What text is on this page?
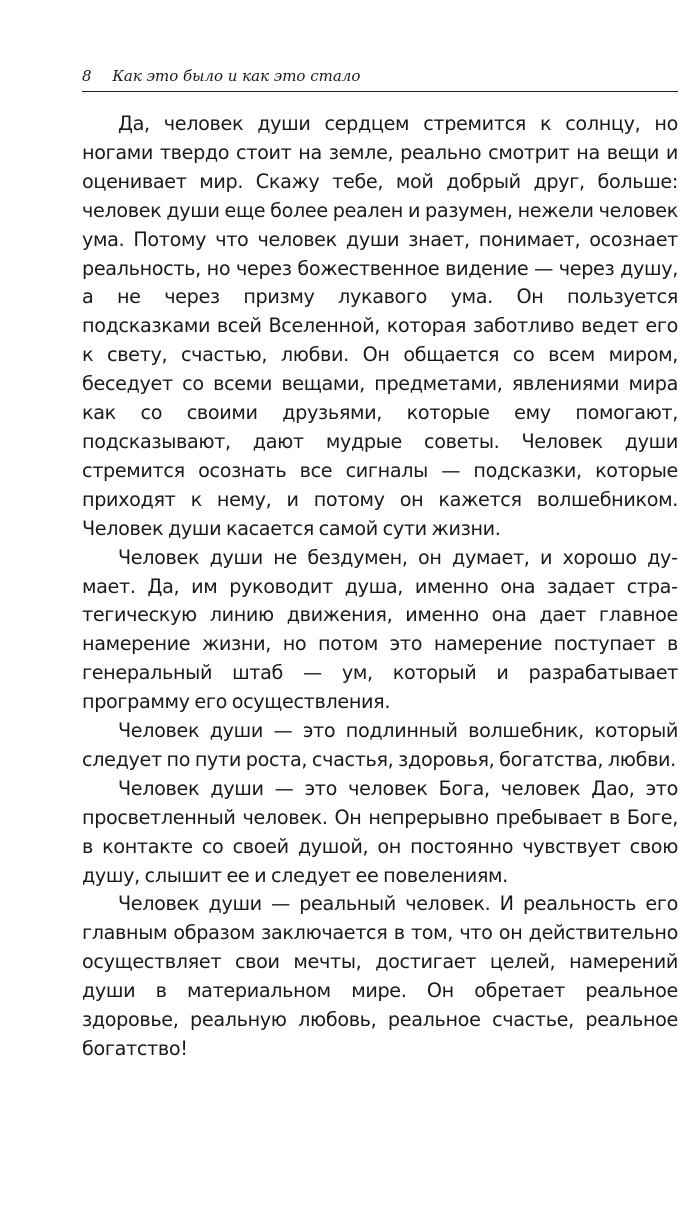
8 Как это было и как это стало

Да, человек души сердцем стремится к солнцу, но ногами твердо стоит на земле, реально смотрит на вещи и оценивает мир. Скажу тебе, мой добрый друг, больше: человек души еще более реален и разумен, нежели человек ума. Потому что человек души знает, понимает, осознает реальность, но через божественное видение — через душу, а не через призму лукавого ума. Он пользуется подсказками всей Вселенной, которая заботливо ведет его к свету, счастью, любви. Он общается со всем миром, беседует со всеми вещами, предметами, явлениями мира как со своими друзьями, которые ему помогают, подсказывают, дают мудрые советы. Человек души стремится осознать все сигналы — подсказки, которые приходят к нему, и потому он кажется волшебником. Человек души касается самой сути жизни.

Человек души не бездумен, он думает, и хорошо думает. Да, им руководит душа, именно она задает стратегическую линию движения, именно она дает главное намерение жизни, но потом это намерение поступает в генеральный штаб — ум, который и разрабатывает программу его осуществления.

Человек души — это подлинный волшебник, который следует по пути роста, счастья, здоровья, богатства, любви.

Человек души — это человек Бога, человек Дао, это просветленный человек. Он непрерывно пребывает в Боге, в контакте со своей душой, он постоянно чувствует свою душу, слышит ее и следует ее повелениям.

Человек души — реальный человек. И реальность его главным образом заключается в том, что он действительно осуществляет свои мечты, достигает целей, намерений души в материальном мире. Он обретает реальное здоровье, реальную любовь, реальное счастье, реальное богатство!
